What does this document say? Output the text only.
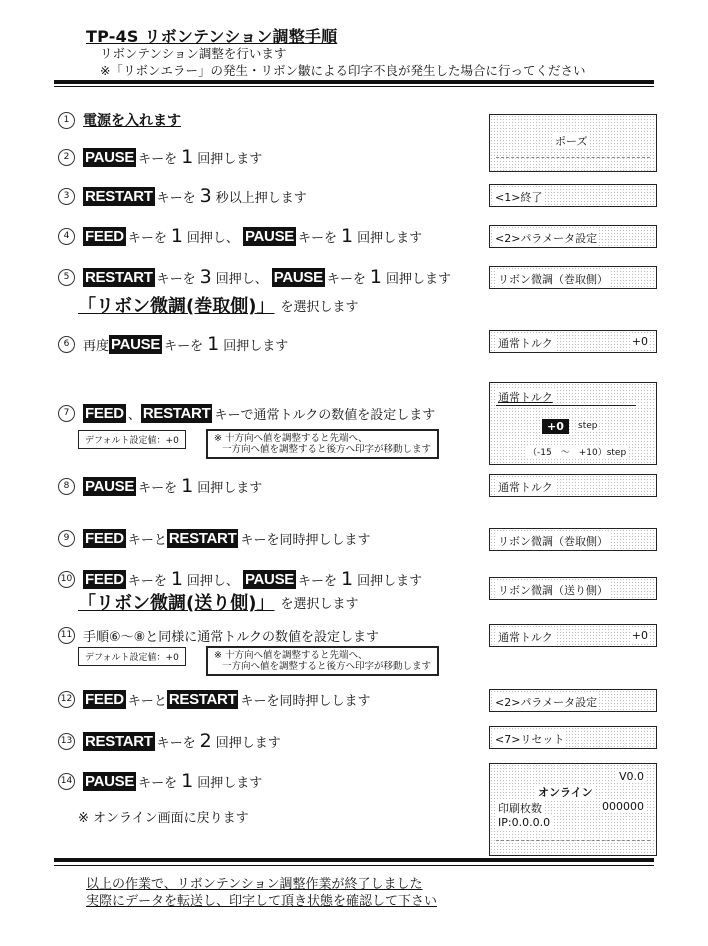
TP-4S リボンテンション調整手順
リボンテンション調整を行います
※「リボンエラー」の発生・リボン皺による印字不良が発生した場合に行ってください
1 電源を入れます
2	PAUSE キーを 1 回押します
3	RESTART キーを 3 秒以上押します
4	FEED キーを 1 回押し、 PAUSE キーを 1 回押します
5	RESTART キーを 3 回押し、 PAUSE キーを 1 回押します
「リボン微調(巻取側)」 を選択します
6	再度 PAUSE キーを 1 回押します
7	FEED 、 RESTART キーで通常トルクの数値を設定します
デフォルト設定値：+0	※ 十方向へ値を調整すると先端へ、
一方向へ値を調整すると後方へ印字が移動します
8	PAUSE キーを 1 回押します
9	FEED キーと RESTART キーを同時押しします
10 FEED キーを 1 回押し、 PAUSE キーを 1 回押します
「リボン微調(送り側)」 を選択します
11 手順⑥〜⑧と同様に通常トルクの数値を設定します
デフォルト設定値：+0	※ 十方向へ値を調整すると先端へ、
一方向へ値を調整すると後方へ印字が移動します
12 FEED キーと RESTART キーを同時押しします
13 RESTART キーを 2 回押します
14 PAUSE キーを 1 回押します
※ オンライン画面に戻ります
ポーズ
<1>終了
<2>パラメータ設定
リボン微調（巻取側）
通常トルク	+0
通常トルク
+0	step
（-15　～　+10）step
通常トルク
リボン微調（巻取側）
リボン微調（送り側）
通常トルク	+0
<2>パラメータ設定
<7>リセット
V0.0
オンライン
印刷枚数	000000
IP:0.0.0.0
以上の作業で、リボンテンション調整作業が終了しました
実際にデータを転送し、印字して頂き状態を確認して下さい
